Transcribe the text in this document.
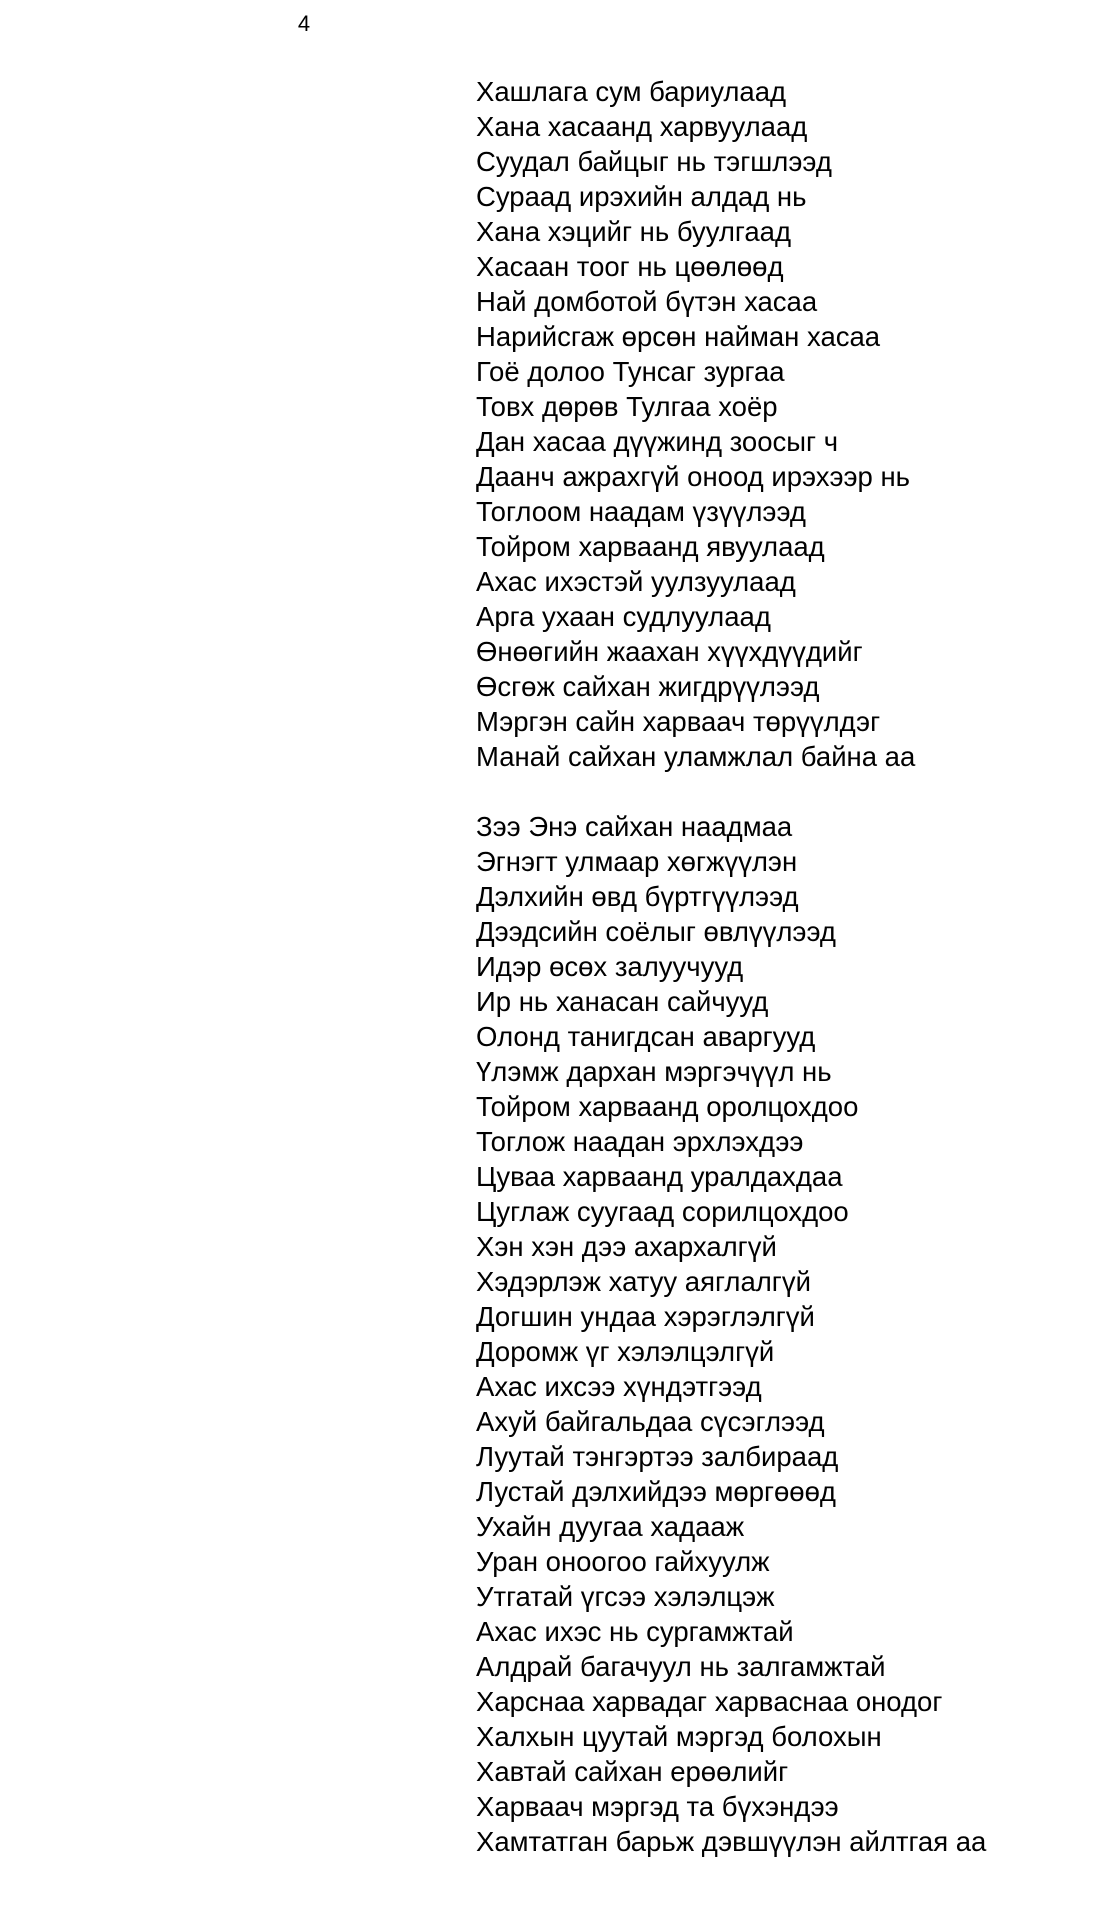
4
Хашлага сум бариулаад
Хана хасаанд харвуулаад
Суудал байцыг нь тэгшлээд
Сураад ирэхийн алдад нь
Хана хэцийг нь буулгаад
Хасаан тоог нь цөөлөөд
Най домботой бүтэн хасаа
Нарийсгаж өрсөн найман хасаа
Гоё долоо Тунсаг зургаа
Товх дөрөв Тулгаа хоёр
Дан хасаа дүүжинд зоосыг ч
Даанч ажрахгүй оноод ирэхээр нь
Тоглоом наадам үзүүлээд
Тойром харваанд явуулаад
Ахас ихэстэй уулзуулаад
Арга ухаан судлуулаад
Өнөөгийн жаахан хүүхдүүдийг
Өсгөж сайхан жигдрүүлээд
Мэргэн сайн харваач төрүүлдэг
Манай сайхан уламжлал байна аа
Зээ Энэ сайхан наадмаа
Эгнэгт улмаар хөгжүүлэн
Дэлхийн өвд бүртгүүлээд
Дээдсийн соёлыг өвлүүлээд
Идэр өсөх залуучууд
Ир нь ханасан сайчууд
Олонд танигдсан аваргууд
Үлэмж дархан мэргэчүүл нь
Тойром харваанд оролцохдоо
Тоглож наадан эрхлэхдээ
Цуваа харвaанд уралдахдаа
Цуглаж суугаад сорилцохдоо
Хэн хэн дээ ахархалгүй
Хэдэрлэж хатуу аяглалгүй
Догшин ундаа хэрэглэлгүй
Доромж үг хэлэлцэлгүй
Ахас ихсээ хүндэтгээд
Ахуй байгальдаа сүсэглээд
Луутай тэнгэртээ залбираад
Лустай дэлхийдээ мөргөөөд
Ухайн дуугаа хадааж
Уран оноогоо гайхуулж
Утгатай үгсээ хэлэлцэж
Ахас ихэс нь сургамжтай
Алдрай багачуул нь залгамжтай
Харснаа харвадаг харвaснаа онодог
Халхын цуутай мэргэд болохын
Хавтай сайхан ерөөлийг
Харваач мэргэд та бүхэндээ
Хамтатган барьж дэвшүүлэн айлтгая аа
